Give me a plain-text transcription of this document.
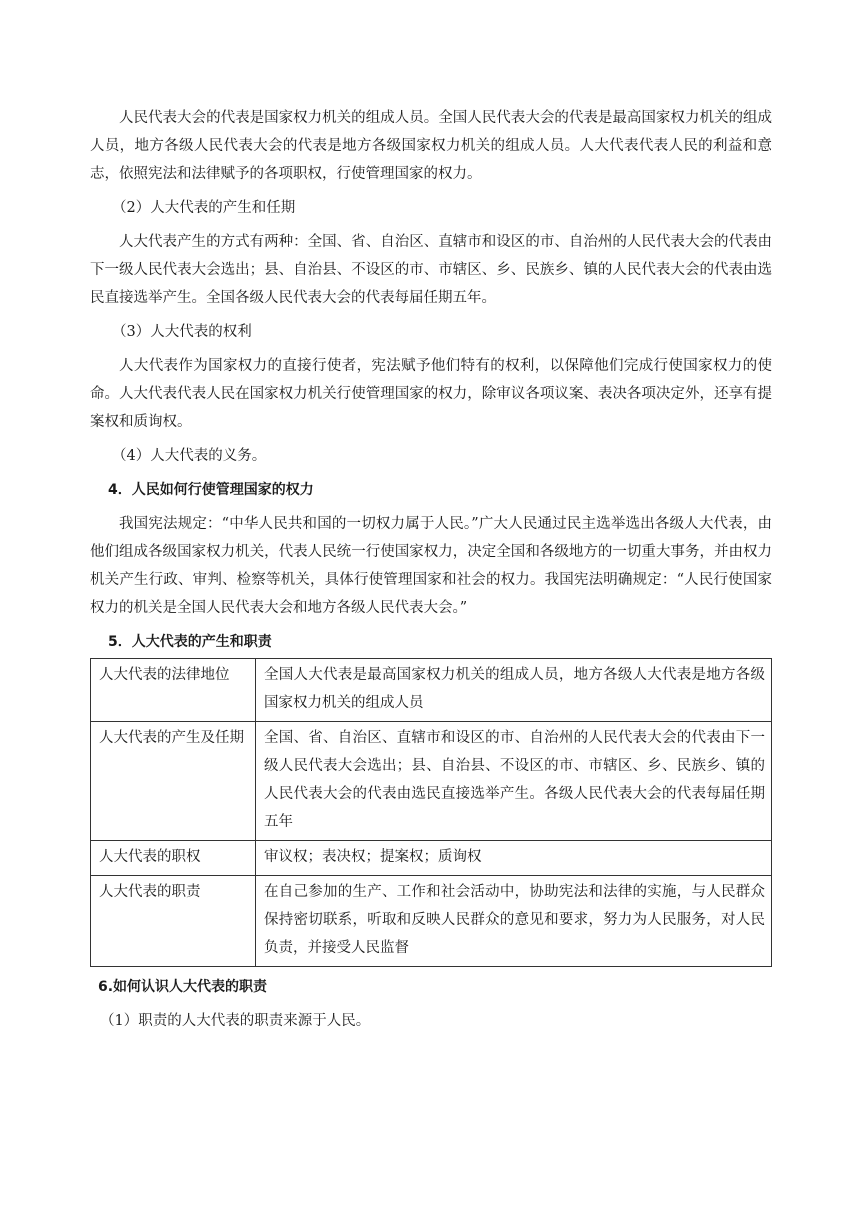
人民代表大会的代表是国家权力机关的组成人员。全国人民代表大会的代表是最高国家权力机关的组成人员，地方各级人民代表大会的代表是地方各级国家权力机关的组成人员。人大代表代表人民的利益和意志，依照宪法和法律赋予的各项职权，行使管理国家的权力。

（2）人大代表的产生和任期

人大代表产生的方式有两种：全国、省、自治区、直辖市和设区的市、自治州的人民代表大会的代表由下一级人民代表大会选出；县、自治县、不设区的市、市辖区、乡、民族乡、镇的人民代表大会的代表由选民直接选举产生。全国各级人民代表大会的代表每届任期五年。

（3）人大代表的权利

人大代表作为国家权力的直接行使者，宪法赋予他们特有的权利，以保障他们完成行使国家权力的使命。人大代表代表人民在国家权力机关行使管理国家的权力，除审议各项议案、表决各项决定外，还享有提案权和质询权。

（4）人大代表的义务。

4．人民如何行使管理国家的权力

我国宪法规定：“中华人民共和国的一切权力属于人民。”广大人民通过民主选举选出各级人大代表，由他们组成各级国家权力机关，代表人民统一行使国家权力，决定全国和各级地方的一切重大事务，并由权力机关产生行政、审判、检察等机关，具体行使管理国家和社会的权力。我国宪法明确规定：“人民行使国家权力的机关是全国人民代表大会和地方各级人民代表大会。”

5．人大代表的产生和职责

人大代表的法律地位	全国人大代表是最高国家权力机关的组成人员，地方各级人大代表是地方各级国家权力机关的组成人员
人大代表的产生及任期	全国、省、自治区、直辖市和设区的市、自治州的人民代表大会的代表由下一级人民代表大会选出；县、自治县、不设区的市、市辖区、乡、民族乡、镇的人民代表大会的代表由选民直接选举产生。各级人民代表大会的代表每届任期五年
人大代表的职权	审议权；表决权；提案权；质询权
人大代表的职责	在自己参加的生产、工作和社会活动中，协助宪法和法律的实施，与人民群众保持密切联系，听取和反映人民群众的意见和要求，努力为人民服务，对人民负责，并接受人民监督

6.如何认识人大代表的职责

（1）职责的人大代表的职责来源于人民。
